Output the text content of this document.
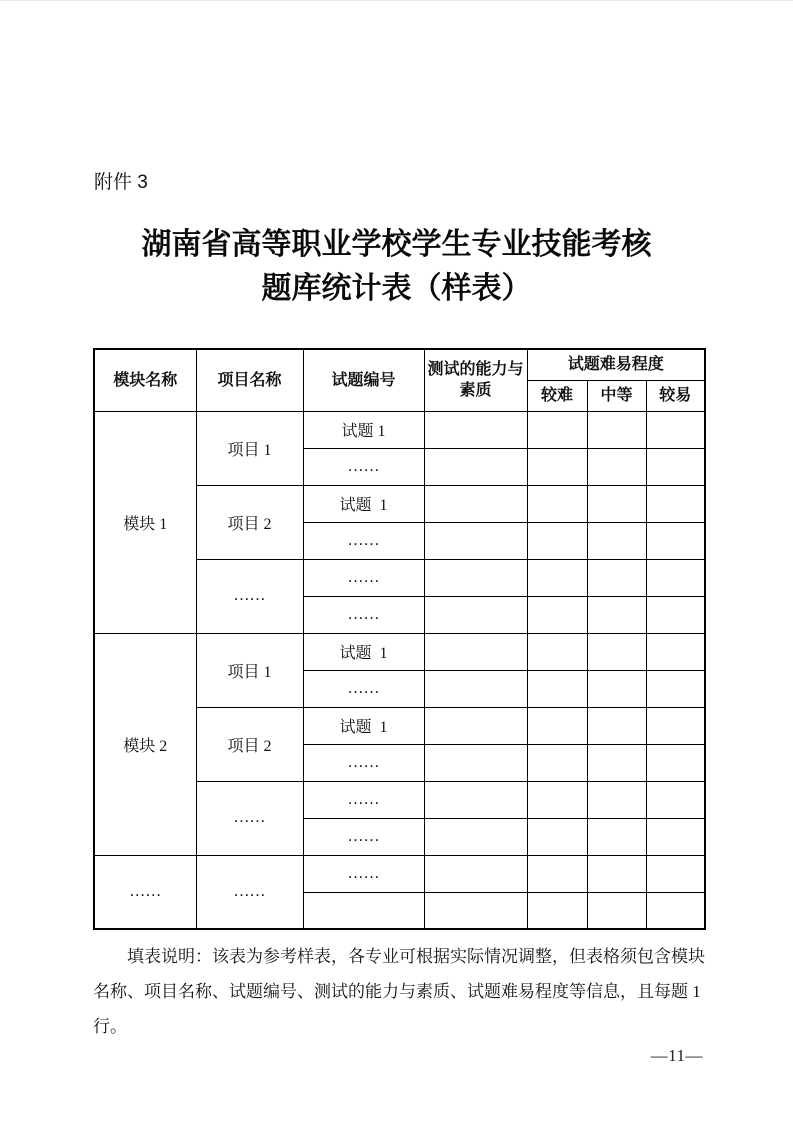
附件 3
湖南省高等职业学校学生专业技能考核
题库统计表（样表）
模块名称	项目名称	试题编号	测试的能力与素质	试题难易程度		
				较难	中等	较易
模块 1	项目 1	试题 1				
		……				
	项目 2	试题  1				
		……				
	……	……				
		……				
模块 2	项目 1	试题  1				
		……				
	项目 2	试题  1				
		……				
	……	……				
		……				
……	……	……				

填表说明：该表为参考样表，各专业可根据实际情况调整，但表格须包含模块
名称、项目名称、试题编号、测试的能力与素质、试题难易程度等信息，且每题 1 行。
—11—
